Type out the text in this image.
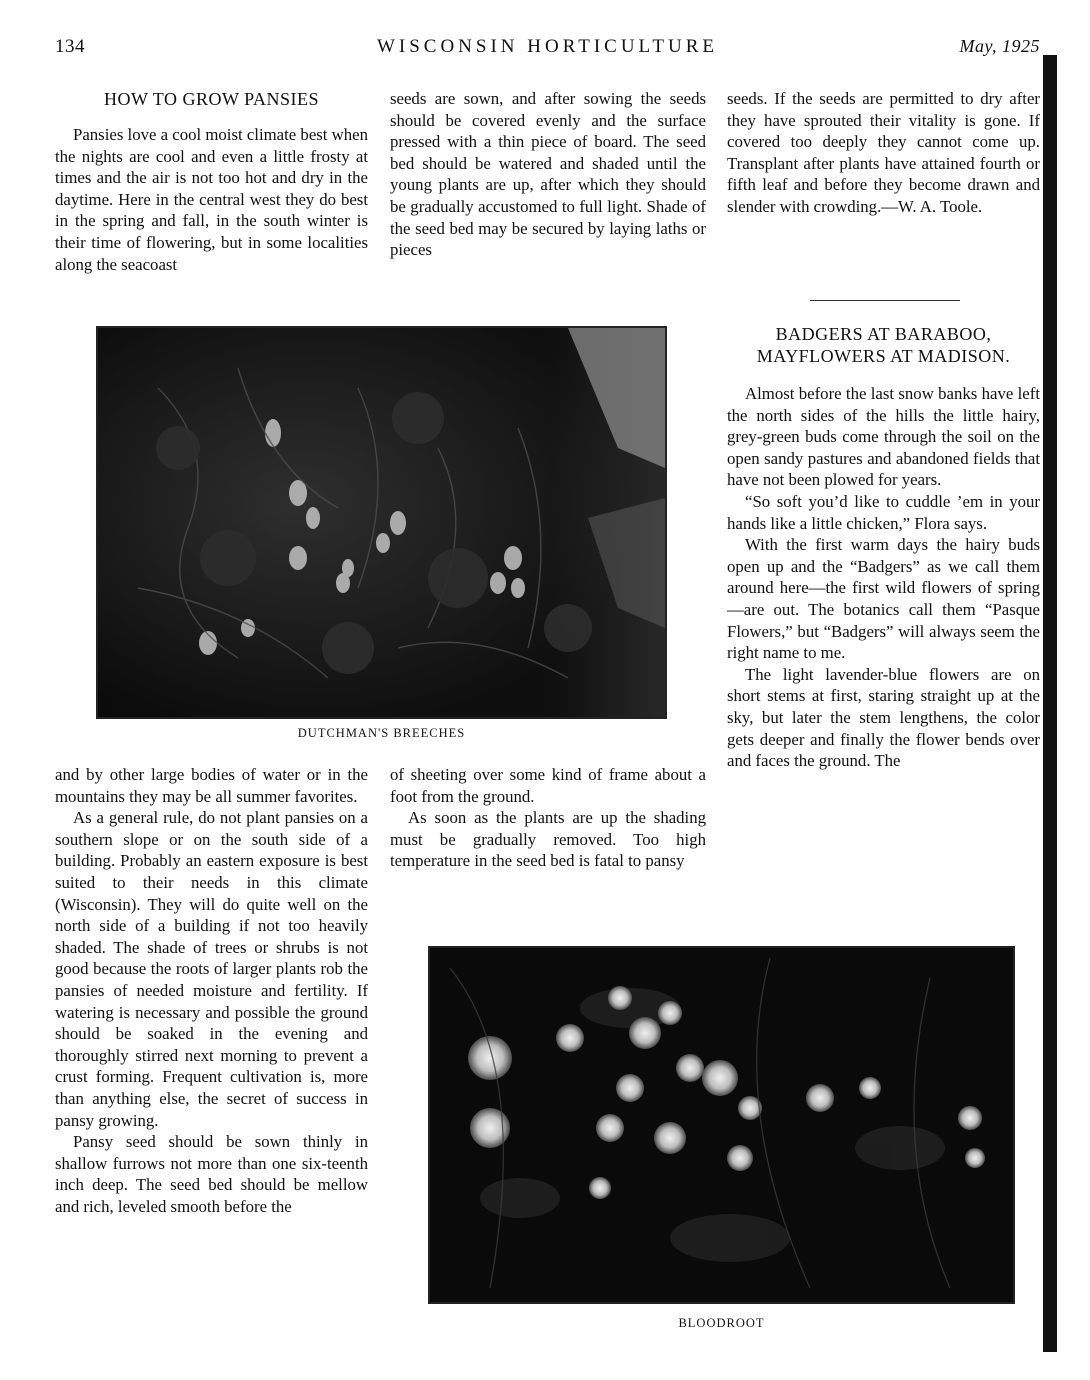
134	WISCONSIN HORTICULTURE	May, 1925
HOW TO GROW PANSIES

Pansies love a cool moist climate best when the nights are cool and even a little frosty at times and the air is not too hot and dry in the daytime. Here in the central west they do best in the spring and fall, in the south winter is their time of flowering, but in some localities along the seacoast

seeds are sown, and after sowing the seeds should be covered evenly and the surface pressed with a thin piece of board. The seed bed should be watered and shaded until the young plants are up, after which they should be gradually accustomed to full light. Shade of the seed bed may be secured by laying laths or pieces

seeds. If the seeds are permitted to dry after they have sprouted their vitality is gone. If covered too deeply they cannot come up. Transplant after plants have attained fourth or fifth leaf and before they become drawn and slender with crowding.—W. A. Toole.

DUTCHMAN'S BREECHES

and by other large bodies of water or in the mountains they may be all summer favorites.

As a general rule, do not plant pansies on a southern slope or on the south side of a building. Probably an eastern exposure is best suited to their needs in this climate (Wisconsin). They will do quite well on the north side of a building if not too heavily shaded. The shade of trees or shrubs is not good because the roots of larger plants rob the pansies of needed moisture and fertility. If watering is necessary and possible the ground should be soaked in the evening and thoroughly stirred next morning to prevent a crust forming. Frequent cultivation is, more than anything else, the secret of success in pansy growing.

Pansy seed should be sown thinly in shallow furrows not more than one six-teenth inch deep. The seed bed should be mellow and rich, leveled smooth before the

of sheeting over some kind of frame about a foot from the ground.

As soon as the plants are up the shading must be gradually removed. Too high temperature in the seed bed is fatal to pansy

BADGERS AT BARABOO, MAYFLOWERS AT MADISON.

Almost before the last snow banks have left the north sides of the hills the little hairy, grey-green buds come through the soil on the open sandy pastures and abandoned fields that have not been plowed for years.

“So soft you’d like to cuddle ’em in your hands like a little chicken,” Flora says.

With the first warm days the hairy buds open up and the “Badgers” as we call them around here—the first wild flowers of spring—are out. The botanics call them “Pasque Flowers,” but “Badgers” will always seem the right name to me.

The light lavender-blue flowers are on short stems at first, staring straight up at the sky, but later the stem lengthens, the color gets deeper and finally the flower bends over and faces the ground. The

BLOODROOT
